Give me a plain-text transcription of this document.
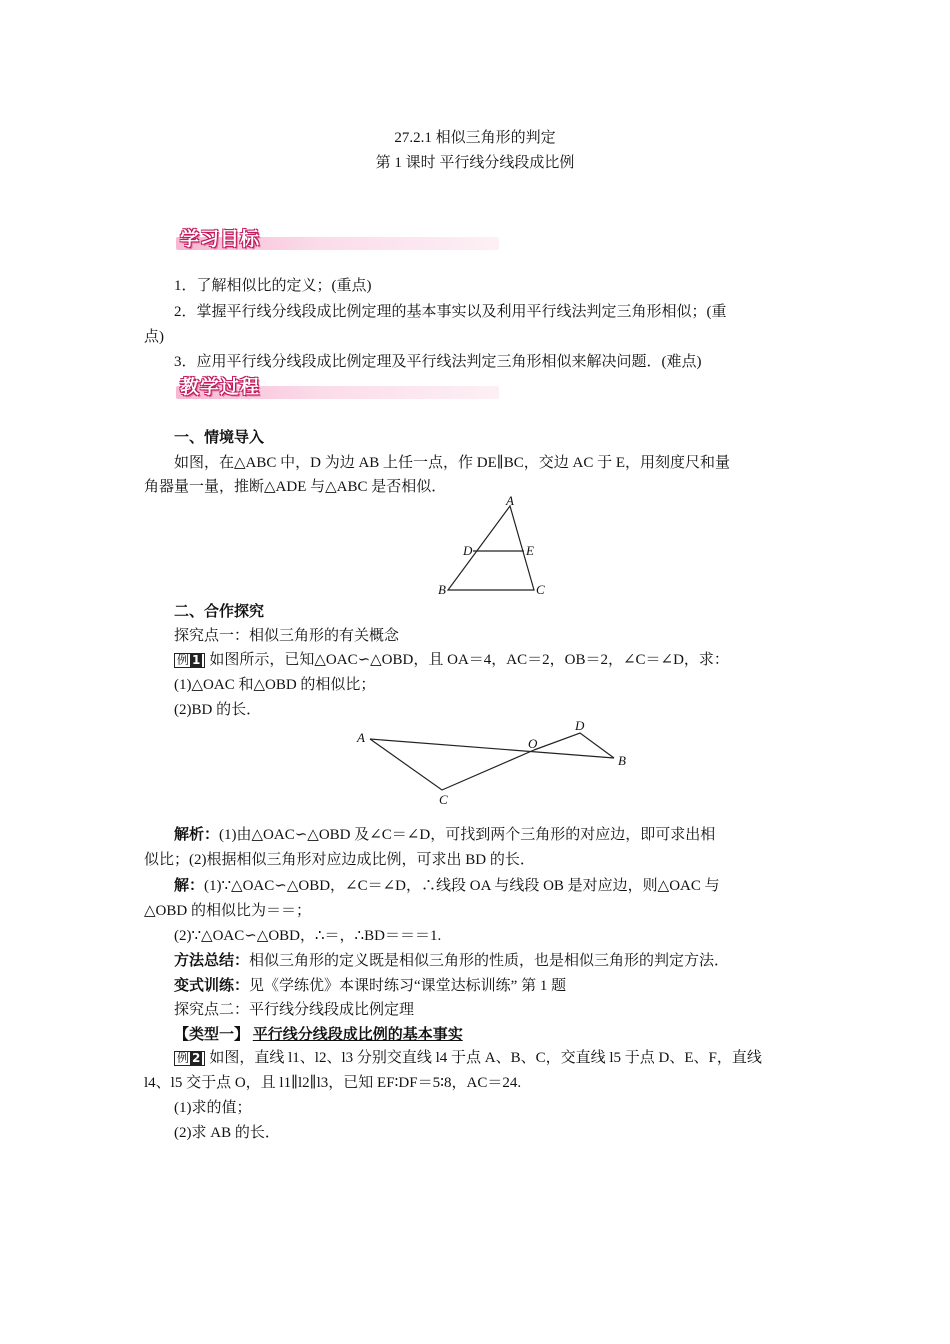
27.2.1 相似三角形的判定
第 1 课时 平行线分线段成比例
学习目标
1．了解相似比的定义；(重点)
2．掌握平行线分线段成比例定理的基本事实以及利用平行线法判定三角形相似；(重
点)
3．应用平行线分线段成比例定理及平行线法判定三角形相似来解决问题．(难点)
教学过程
一、情境导入
如图，在△ABC 中，D 为边 AB 上任一点，作 DE∥BC，交边 AC 于 E，用刻度尺和量
角器量一量，推断△ADE 与△ABC 是否相似．
A
B	C
D	E
二、合作探究
探究点一：相似三角形的有关概念
例 1 如图所示，已知△OAC∽△OBD，且 OA＝4，AC＝2，OB＝2，∠C＝∠D，求：
(1)△OAC 和△OBD 的相似比；
(2)BD 的长．
A
B
C
D
O
解析：(1)由△OAC∽△OBD 及∠C＝∠D，可找到两个三角形的对应边，即可求出相
似比；(2)根据相似三角形对应边成比例，可求出 BD 的长．
解：(1)∵△OAC∽△OBD，∠C＝∠D，∴线段 OA 与线段 OB 是对应边，则△OAC 与
△OBD 的相似比为＝＝；
(2)∵△OAC∽△OBD，∴＝，∴BD＝＝＝1.
方法总结：相似三角形的定义既是相似三角形的性质，也是相似三角形的判定方法．
变式训练：见《学练优》本课时练习“课堂达标训练” 第 1 题
探究点二：平行线分线段成比例定理
【类型一】 平行线分线段成比例的基本事实
例 2 如图，直线 l1、l2、l3 分别交直线 l4 于点 A、B、C，交直线 l5 于点 D、E、F，直线
l4、l5 交于点 O，且 l1∥l2∥l3，已知 EF∶DF＝5∶8，AC＝24.
(1)求的值；
(2)求 AB 的长．
